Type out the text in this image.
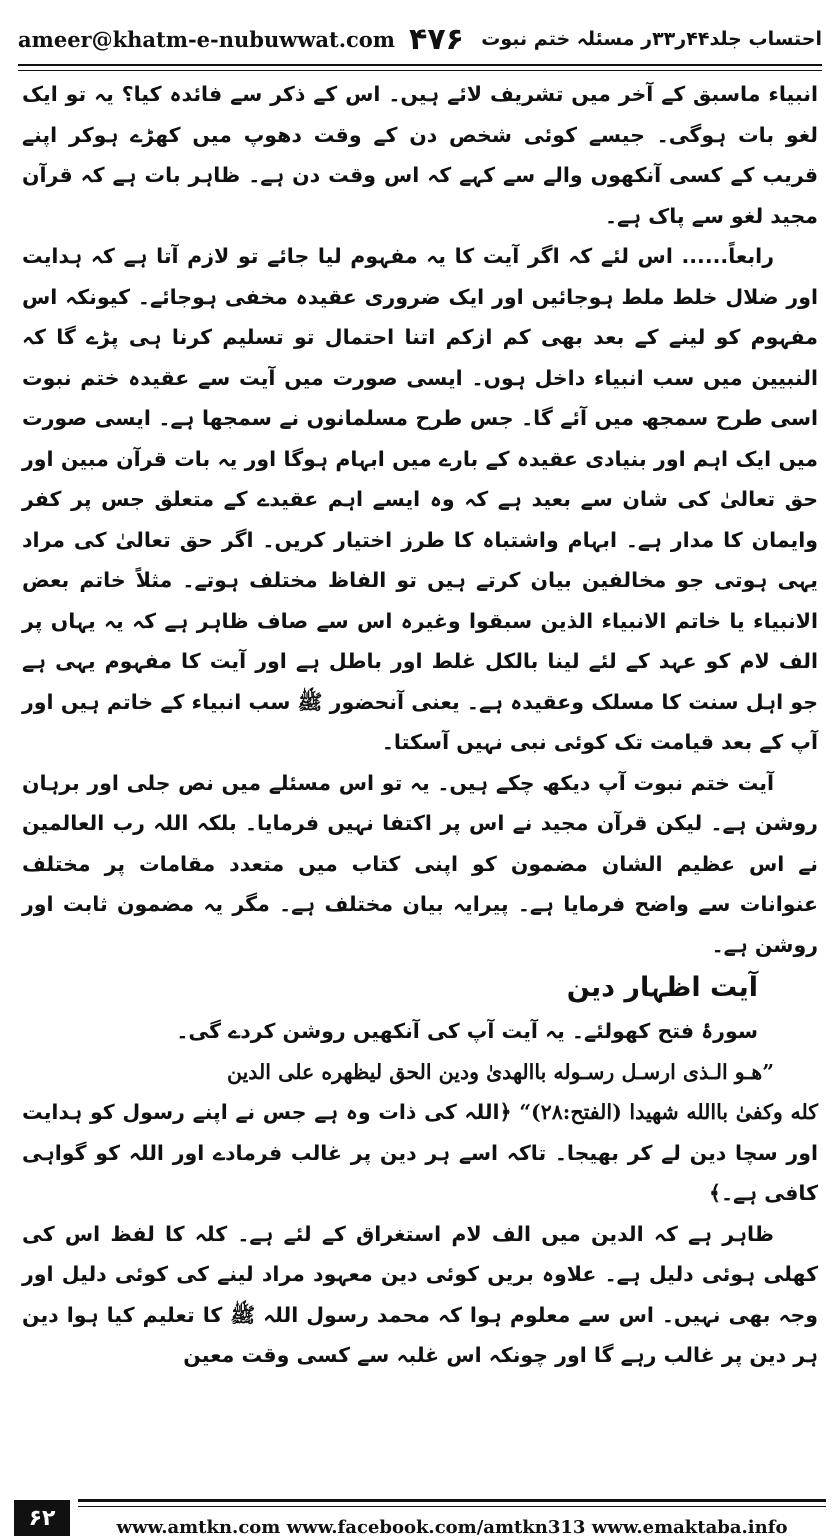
ameer@khatm-e-nubuwwat.com ۴۷۶ احتساب جلد۴۴ر۳۳ر مسئلہ ختم نبوت

انبیاء ماسبق کے آخر میں تشریف لائے ہیں۔ اس کے ذکر سے فائدہ کیا؟ یہ تو ایک لغو بات ہوگی۔ جیسے کوئی شخص دن کے وقت دھوپ میں کھڑے ہوکر اپنے قریب کے کسی آنکھوں والے سے کہے کہ اس وقت دن ہے۔ ظاہر بات ہے کہ قرآن مجید لغو سے پاک ہے۔

رابعاً...... اس لئے کہ اگر آیت کا یہ مفہوم لیا جائے تو لازم آتا ہے کہ ہدایت اور ضلال خلط ملط ہوجائیں اور ایک ضروری عقیدہ مخفی ہوجائے۔ کیونکہ اس مفہوم کو لینے کے بعد بھی کم ازکم اتنا احتمال تو تسلیم کرنا ہی پڑے گا کہ النبیین میں سب انبیاء داخل ہوں۔ ایسی صورت میں آیت سے عقیدہ ختم نبوت اسی طرح سمجھ میں آئے گا۔ جس طرح مسلمانوں نے سمجھا ہے۔ ایسی صورت میں ایک اہم اور بنیادی عقیدہ کے بارے میں ابہام ہوگا اور یہ بات قرآن مبین اور حق تعالیٰ کی شان سے بعید ہے کہ وہ ایسے اہم عقیدے کے متعلق جس پر کفر وایمان کا مدار ہے۔ ابہام واشتباہ کا طرز اختیار کریں۔ اگر حق تعالیٰ کی مراد یہی ہوتی جو مخالفین بیان کرتے ہیں تو الفاظ مختلف ہوتے۔ مثلاً خاتم بعض الانبیاء یا خاتم الانبیاء الذین سبقوا وغیرہ اس سے صاف ظاہر ہے کہ یہ یہاں پر الف لام کو عہد کے لئے لینا بالکل غلط اور باطل ہے اور آیت کا مفہوم یہی ہے جو اہل سنت کا مسلک وعقیدہ ہے۔ یعنی آنحضور ﷺ سب انبیاء کے خاتم ہیں اور آپ کے بعد قیامت تک کوئی نبی نہیں آسکتا۔

آیت ختم نبوت آپ دیکھ چکے ہیں۔ یہ تو اس مسئلے میں نص جلی اور برہان روشن ہے۔ لیکن قرآن مجید نے اس پر اکتفا نہیں فرمایا۔ بلکہ اللہ رب العالمین نے اس عظیم الشان مضمون کو اپنی کتاب میں متعدد مقامات پر مختلف عنوانات سے واضح فرمایا ہے۔ پیرایہ بیان مختلف ہے۔ مگر یہ مضمون ثابت اور روشن ہے۔

آیت اظہار دین

سورۂ فتح کھولئے۔ یہ آیت آپ کی آنکھیں روشن کردے گی۔

”هـو الـذی ارسـل رسـوله باالهدیٰ ودين الحق ليظهره على الدين

كله وكفىٰ باالله شهيدا (الفتح:٢٨)“ ﴿اللہ کی ذات وہ ہے جس نے اپنے رسول کو ہدایت اور سچا دین لے کر بھیجا۔ تاکہ اسے ہر دین پر غالب فرمادے اور اللہ کو گواہی کافی ہے۔﴾

ظاہر ہے کہ الدین میں الف لام استغراق کے لئے ہے۔ کلہ کا لفظ اس کی کھلی ہوئی دلیل ہے۔ علاوہ بریں کوئی دین معہود مراد لینے کی کوئی دلیل اور وجہ بھی نہیں۔ اس سے معلوم ہوا کہ محمد رسول اللہ ﷺ کا تعلیم کیا ہوا دین ہر دین پر غالب رہے گا اور چونکہ اس غلبہ سے کسی وقت معین

۶۲	www.amtkn.com www.facebook.com/amtkn313 www.emaktaba.info
